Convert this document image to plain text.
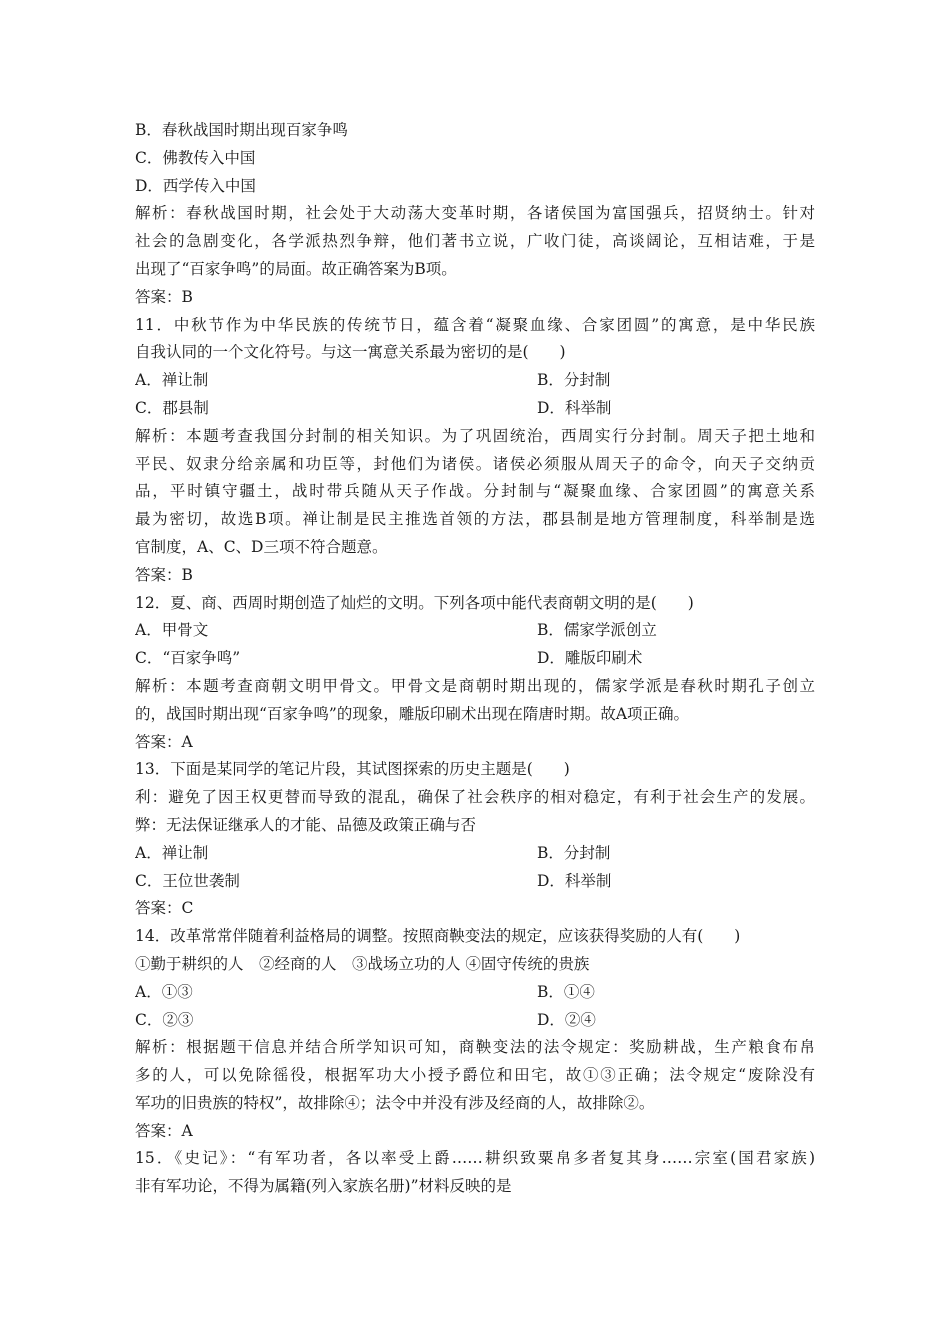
B．春秋战国时期出现百家争鸣
C．佛教传入中国
D．西学传入中国
解析：春秋战国时期，社会处于大动荡大变革时期，各诸侯国为富国强兵，招贤纳士。针对
社会的急剧变化，各学派热烈争辩，他们著书立说，广收门徒，高谈阔论，互相诘难，于是
出现了“百家争鸣”的局面。故正确答案为B项。
答案：B
11．中秋节作为中华民族的传统节日，蕴含着“凝聚血缘、合家团圆”的寓意，是中华民族
自我认同的一个文化符号。与这一寓意关系最为密切的是(　　)
A．禅让制	B．分封制
C．郡县制	D．科举制
解析：本题考查我国分封制的相关知识。为了巩固统治，西周实行分封制。周天子把土地和
平民、奴隶分给亲属和功臣等，封他们为诸侯。诸侯必须服从周天子的命令，向天子交纳贡
品，平时镇守疆土，战时带兵随从天子作战。分封制与“凝聚血缘、合家团圆”的寓意关系
最为密切，故选B项。禅让制是民主推选首领的方法，郡县制是地方管理制度，科举制是选
官制度，A、C、D三项不符合题意。
答案：B
12．夏、商、西周时期创造了灿烂的文明。下列各项中能代表商朝文明的是(　　)
A．甲骨文	B．儒家学派创立
C．“百家争鸣”	D．雕版印刷术
解析：本题考查商朝文明甲骨文。甲骨文是商朝时期出现的，儒家学派是春秋时期孔子创立
的，战国时期出现“百家争鸣”的现象，雕版印刷术出现在隋唐时期。故A项正确。
答案：A
13．下面是某同学的笔记片段，其试图探索的历史主题是(　　)
利：避免了因王权更替而导致的混乱，确保了社会秩序的相对稳定，有利于社会生产的发展。
弊：无法保证继承人的才能、品德及政策正确与否
A．禅让制	B．分封制
C．王位世袭制	D．科举制
答案：C
14．改革常常伴随着利益格局的调整。按照商鞅变法的规定，应该获得奖励的人有(　　)
①勤于耕织的人　②经商的人　③战场立功的人 ④固守传统的贵族
A．①③	B．①④
C．②③	D．②④
解析：根据题干信息并结合所学知识可知，商鞅变法的法令规定：奖励耕战，生产粮食布帛
多的人，可以免除徭役，根据军功大小授予爵位和田宅，故①③正确；法令规定“废除没有
军功的旧贵族的特权”，故排除④；法令中并没有涉及经商的人，故排除②。
答案：A
15．《史记》：“有军功者，各以率受上爵……耕织致粟帛多者复其身……宗室(国君家族)
非有军功论，不得为属籍(列入家族名册)”材料反映的是
